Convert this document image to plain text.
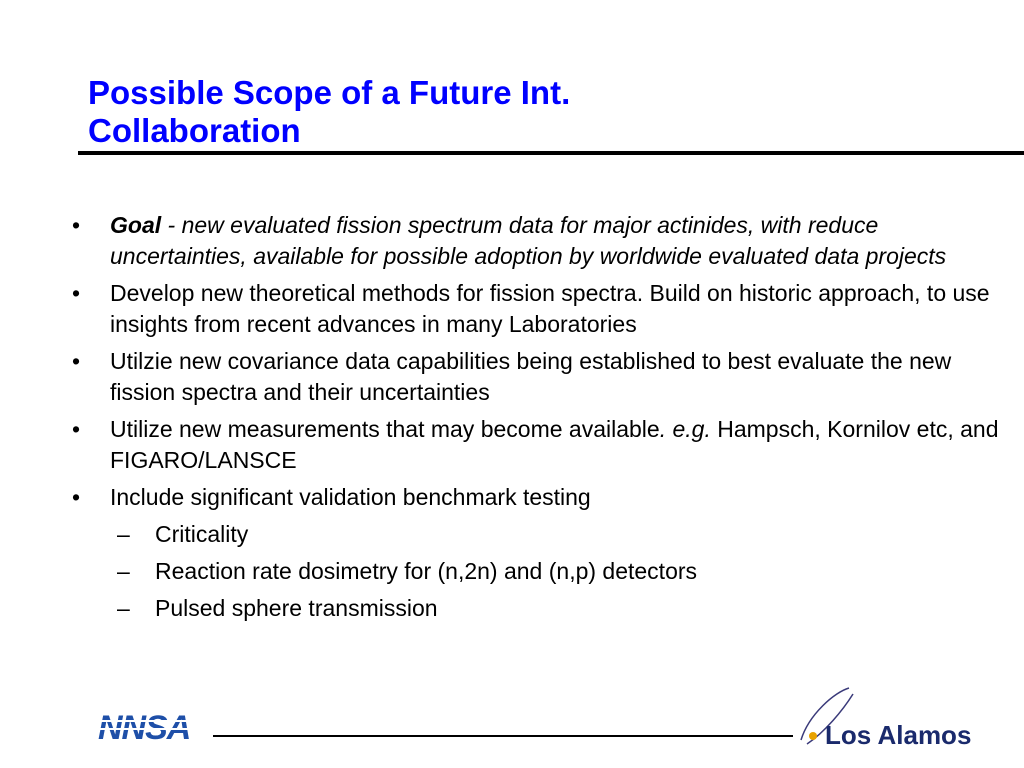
Possible Scope of a Future Int. Collaboration
• Goal - new evaluated fission spectrum data for major actinides, with reduce uncertainties, available for possible adoption by worldwide evaluated data projects
• Develop new theoretical methods for fission spectra. Build on historic approach, to use insights from recent advances in many Laboratories
• Utilzie new covariance data capabilities being established to best evaluate the new fission spectra and their uncertainties
• Utilize new measurements that may become available. e.g. Hampsch, Kornilov etc, and FIGARO/LANSCE
• Include significant validation benchmark testing
– Criticality
– Reaction rate dosimetry for (n,2n) and (n,p) detectors
– Pulsed sphere transmission
NNSA	Los Alamos
